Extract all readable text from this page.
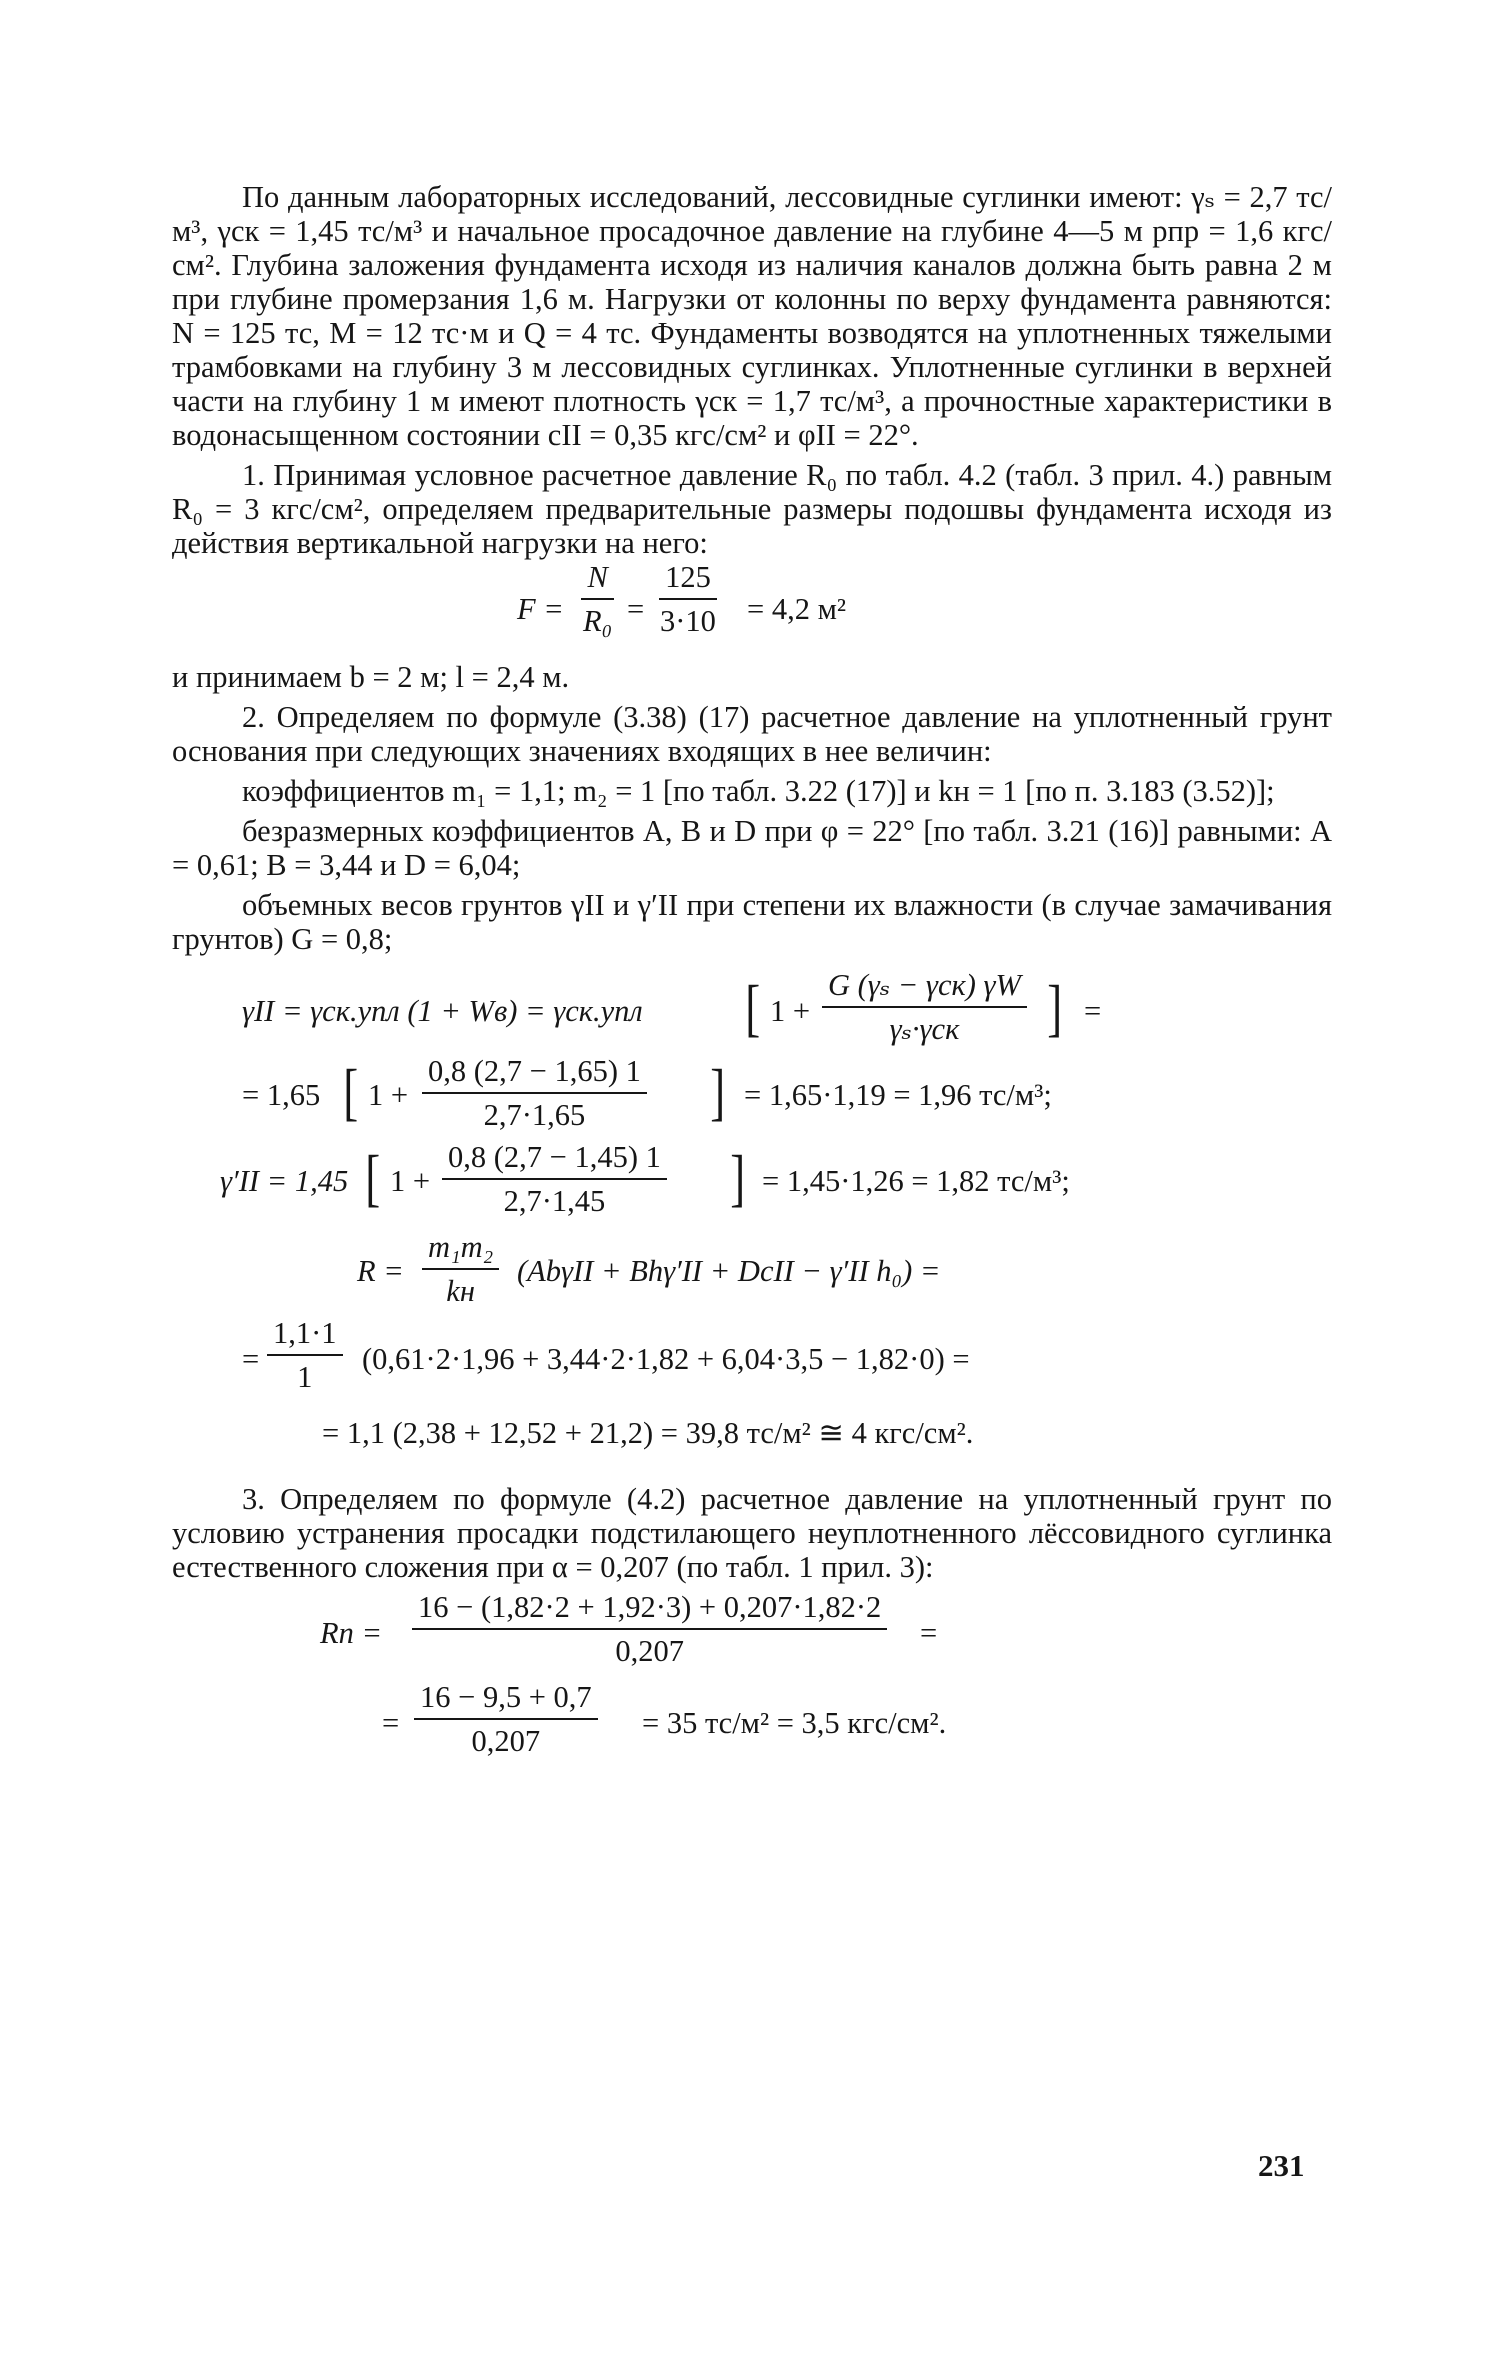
По данным лабораторных исследований, лессовидные суглинки имеют: γₛ = 2,7 тс/м³, γск = 1,45 тс/м³ и начальное просадочное давление на глубине 4—5 м pпр = 1,6 кгс/см². Глубина заложения фундамента исходя из наличия каналов должна быть равна 2 м при глубине промерзания 1,6 м. Нагрузки от колонны по верху фундамента равняются: N = 125 тс, M = 12 тс·м и Q = 4 тс. Фундаменты возводятся на уплотненных тяжелыми трамбовками на глубину 3 м лессовидных суглинках. Уплотненные суглинки в верхней части на глубину 1 м имеют плотность γск = 1,7 тс/м³, а прочностные характеристики в водонасыщенном состоянии cII = 0,35 кгс/см² и φII = 22°.

1. Принимая условное расчетное давление R₀ по табл. 4.2 (табл. 3 прил. 4.) равным R₀ = 3 кгс/см², определяем предварительные размеры подошвы фундамента исходя из действия вертикальной нагрузки на него:

$F = \frac{N}{\text{R₀}} = \frac{125}{3\cdot 10} = 4,2$ м²

и принимаем b = 2 м; l = 2,4 м.

2. Определяем по формуле (3.38) (17) расчетное давление на уплотненный грунт основания при следующих значениях входящих в нее величин:

коэффициентов m₁ = 1,1; m₂ = 1 [по табл. 3.22 (17)] и kн = 1 [по п. 3.183 (3.52)];

безразмерных коэффициентов A, B и D при φ = 22° [по табл. 3.21 (16)] равными: A = 0,61; B = 3,44 и D = 6,04;

объемных весов грунтов γII и γ′II при степени их влажности (в случае замачивания грунтов) G = 0,8;

γII = γск.упл (1 + Wв) = γск.упл [ 1 +
G (γₛ − γск) γW
γₛ·γск ] =
= 1,65 [ $1 + \frac{0,8 (2,7 - 1,65) 1}{2,7\cdot 1,65}$ ] = 1,65·1,19 = 1,96 тс/м³;
γ′II = 1,45 [ $1 + \frac{0,8 (2,7 - 1,45) 1}{2,7\cdot 1,45}$ ] = 1,45·1,26 = 1,82 тс/м³;
R =
m₁m₂
kн
(AbγII + Bhγ′II + DcII − γ′II h₀) =
= $\frac{1,1\cdot 1}{1} (0,61\cdot 2\cdot 1,96 + 3,44\cdot 2\cdot 1,82 + 6,04\cdot 3,5 - 1,82\cdot 0)$ =
= 1,1 (2,38 + 12,52 + 21,2) = 39,8 тс/м² ≅ 4 кгс/см².

3. Определяем по формуле (4.2) расчетное давление на уплотненный грунт по условию устранения просадки подстилающего неуплотненного лёссовидного суглинка естественного сложения при α = 0,207 (по табл. 1 прил. 3):

Rп = $\frac{16 - (1,82\cdot 2 + 1,92\cdot 3) + 0,207\cdot 1,82\cdot 2}{0,207}$ =
= $\frac{16 - 9,5 + 0,7}{0,207} = 35$ тс/м² = 3,5 кгс/см².
231
